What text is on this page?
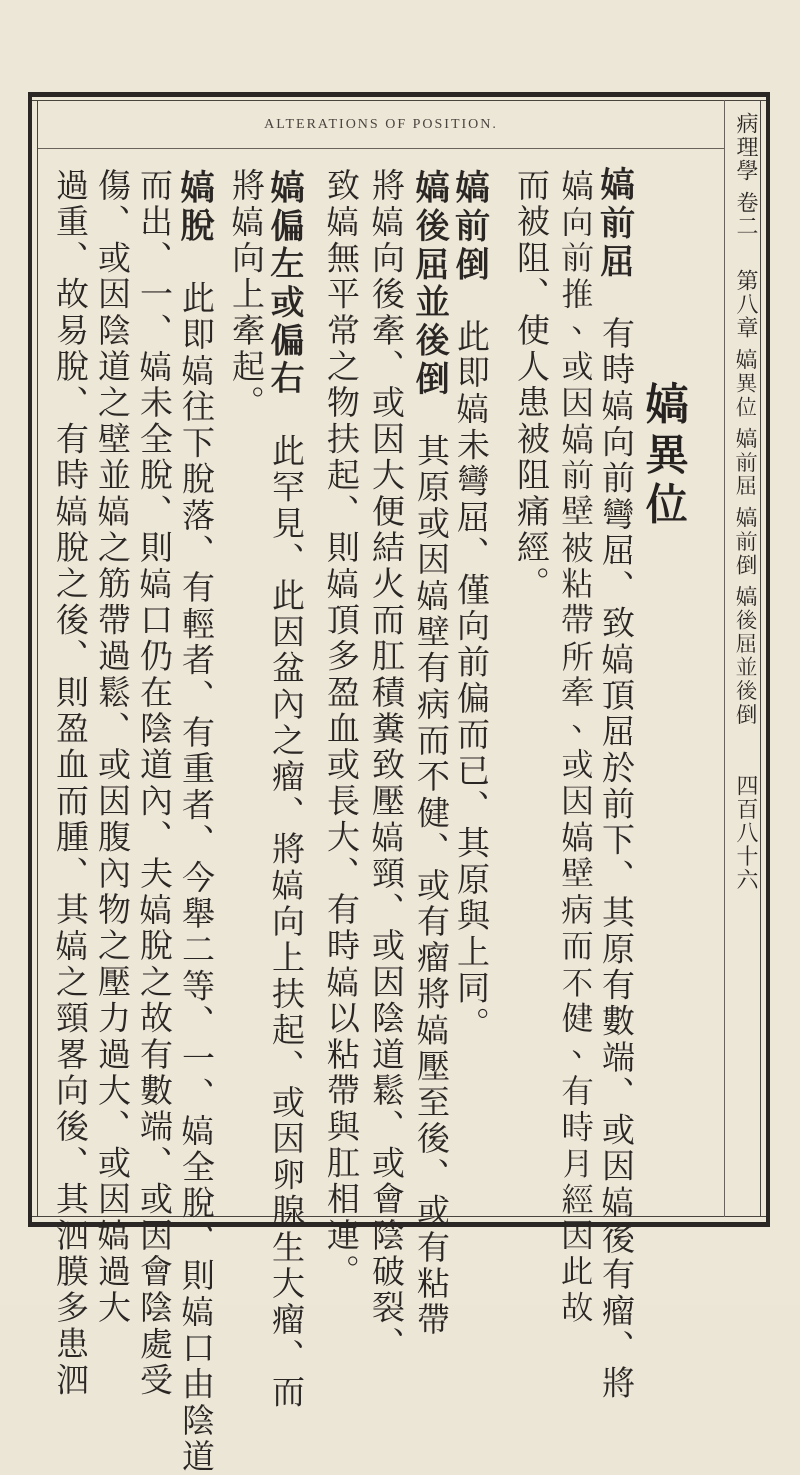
ALTERATIONS OF POSITION.	病理學 卷二 第八章 𡠀異位 𡠀前屈 𡠀前倒 𡠀後屈並後倒 四百八十六
𡠀異位
𡠀前屈　有時𡠀向前彎屈、致𡠀頂屈於前下、其原有數端、或因𡠀後有瘤、將
𡠀向前推、或因𡠀前壁被粘帶所牽、或因𡠀壁病而不健、有時月經因此故
而被阻、使人患被阻痛經。
𡠀前倒　此即𡠀未彎屈、僅向前偏而已、其原與上同。
𡠀後屈並後倒　其原或因𡠀壁有病而不健、或有瘤將𡠀壓至後、或有粘帶
將𡠀向後牽、或因大便結火而肛積糞致壓𡠀頸、或因陰道鬆、或會陰破裂、
致𡠀無平常之物扶起、則𡠀頂多盈血或長大、有時𡠀以粘帶與肛相連。
𡠀偏左或偏右　此罕見、此因盆內之瘤、將𡠀向上扶起、或因卵腺生大瘤、而
將𡠀向上牽起。
𡠀脫　此即𡠀往下脫落、有輕者、有重者、今舉二等、一、𡠀全脫、則𡠀口由陰道
而出、一、𡠀未全脫、則𡠀口仍在陰道內、夫𡠀脫之故有數端、或因會陰處受
傷、或因陰道之壁並𡠀之筋帶過鬆、或因腹內物之壓力過大、或因𡠀過大
過重、故易脫、有時𡠀脫之後、則盈血而腫、其𡠀之頸畧向後、其泗膜多患泗
